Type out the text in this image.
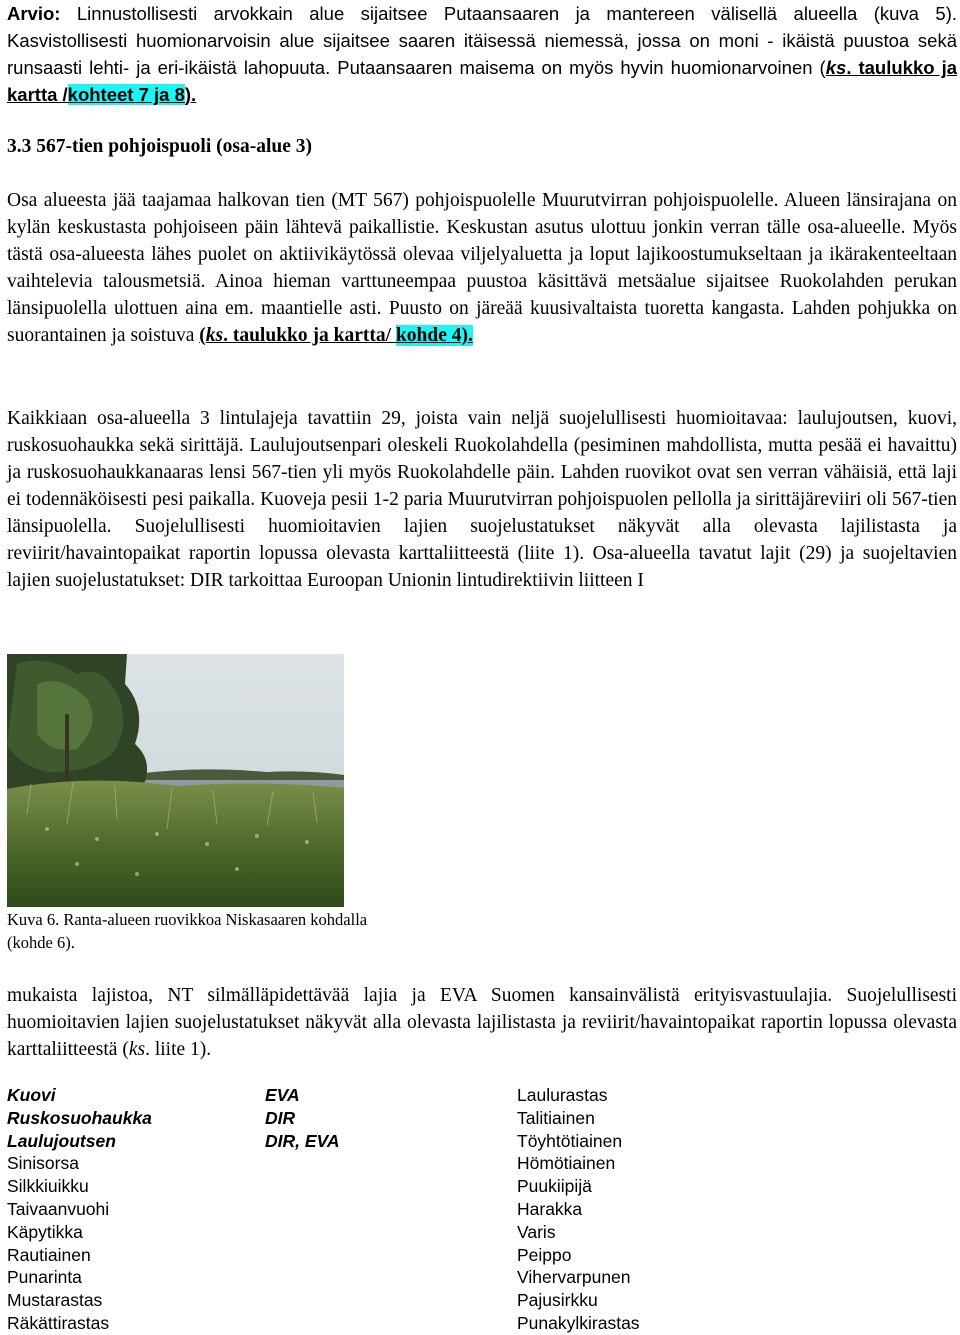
Arvio: Linnustollisesti arvokkain alue sijaitsee Putaansaaren ja mantereen välisellä alueella (kuva 5). Kasvistollisesti huomionarvoisin alue sijaitsee saaren itäisessä niemessä, jossa on moni - ikäistä puustoa sekä runsaasti lehti- ja eri-ikäistä lahopuuta. Putaansaaren maisema on myös hyvin huomionarvoinen (ks. taulukko ja kartta /kohteet 7 ja 8).

3.3 567-tien pohjoispuoli (osa-alue 3)

Osa alueesta jää taajamaa halkovan tien (MT 567) pohjoispuolelle Muurutvirran pohjoispuolelle. Alueen länsirajana on kylän keskustasta pohjoiseen päin lähtevä paikallistie. Keskustan asutus ulottuu jonkin verran tälle osa-alueelle. Myös tästä osa-alueesta lähes puolet on aktiivikäytössä olevaa viljelyaluetta ja loput lajikoostumukseltaan ja ikärakenteeltaan vaihtelevia talousmetsiä. Ainoa hieman varttuneempaa puustoa käsittävä metsäalue sijaitsee Ruokolahden perukan länsipuolella ulottuen aina em. maantielle asti. Puusto on järeää kuusivaltaista tuoretta kangasta. Lahden pohjukka on suorantainen ja soistuva (ks. taulukko ja kartta/ kohde 4).

Kaikkiaan osa-alueella 3 lintulajeja tavattiin 29, joista vain neljä suojelullisesti huomioitavaa: laulujoutsen, kuovi, ruskosuohaukka sekä sirittäjä. Laulujoutsenpari oleskeli Ruokolahdella (pesiminen mahdollista, mutta pesää ei havaittu) ja ruskosuohaukkanaaras lensi 567-tien yli myös Ruokolahdelle päin. Lahden ruovikot ovat sen verran vähäisiä, että laji ei todennäköisesti pesi paikalla. Kuoveja pesii 1-2 paria Muurutvirran pohjoispuolen pellolla ja sirittäjäreviiri oli 567-tien länsipuolella. Suojelullisesti huomioitavien lajien suojelustatukset näkyvät alla olevasta lajilistasta ja reviirit/havaintopaikat raportin lopussa olevasta karttaliitteestä (liite 1). Osa-alueella tavatut lajit (29) ja suojeltavien lajien suojelustatukset: DIR tarkoittaa Euroopan Unionin lintudirektiivin liitteen I

Kuva 6. Ranta-alueen ruovikkoa Niskasaaren kohdalla (kohde 6).

mukaista lajistoa, NT silmälläpidettävää lajia ja EVA Suomen kansainvälistä erityisvastuulajia. Suojelullisesti huomioitavien lajien suojelustatukset näkyvät alla olevasta lajilistasta ja reviirit/havaintopaikat raportin lopussa olevasta karttaliitteestä (ks. liite 1).

Kuovi
Ruskosuohaukka
Laulujoutsen
Sinisorsa
Silkkiuikku
Taivaanvuohi
Käpytikka
Rautiainen
Punarinta
Mustarastas
Räkättirastas
EVA
DIR
DIR, EVA
Laulurastas
Talitiainen
Töyhtötiainen
Hömötiainen
Puukiipijä
Harakka
Varis
Peippo
Vihervarpunen
Pajusirkku
Punakylkirastas
